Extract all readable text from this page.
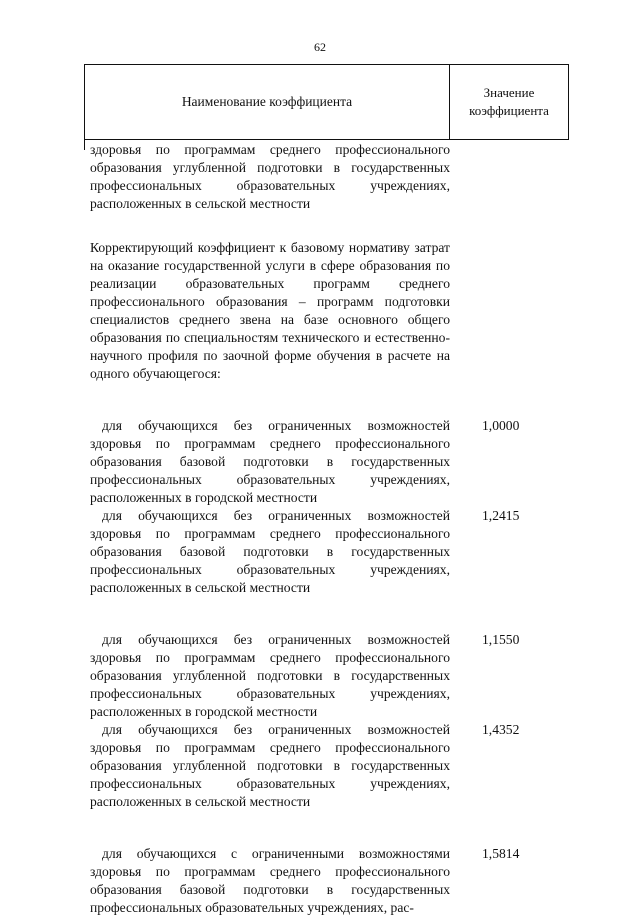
62
Наименование коэффициента
Значение
коэффициента

здоровья по программам среднего профессионального образования углубленной подготовки в государственных профессиональных образовательных учреждениях, расположенных в сельской местности

Корректирующий коэффициент к базовому нормативу затрат на оказание государственной услуги в сфере образования по реализации образовательных программ среднего профессионального образования – программ подготовки специалистов среднего звена на базе основного общего образования по специальностям технического и естественно-научного профиля по заочной форме обучения в расчете на одного обучающегося:

для обучающихся без ограниченных возможностей здоровья по программам среднего профессионального образования базовой подготовки в государственных профессиональных образовательных учреждениях, расположенных в городской местности

1,0000

для обучающихся без ограниченных возможностей здоровья по программам среднего профессионального образования базовой подготовки в государственных профессиональных образовательных учреждениях, расположенных в сельской местности

1,2415

для обучающихся без ограниченных возможностей здоровья по программам среднего профессионального образования углубленной подготовки в государственных профессиональных образовательных учреждениях, расположенных в городской местности

1,1550

для обучающихся без ограниченных возможностей здоровья по программам среднего профессионального образования углубленной подготовки в государственных профессиональных образовательных учреждениях, расположенных в сельской местности

1,4352

для обучающихся с ограниченными возможностями здоровья по программам среднего профессионального образования базовой подготовки в государственных профессиональных образовательных учреждениях, рас-

1,5814
